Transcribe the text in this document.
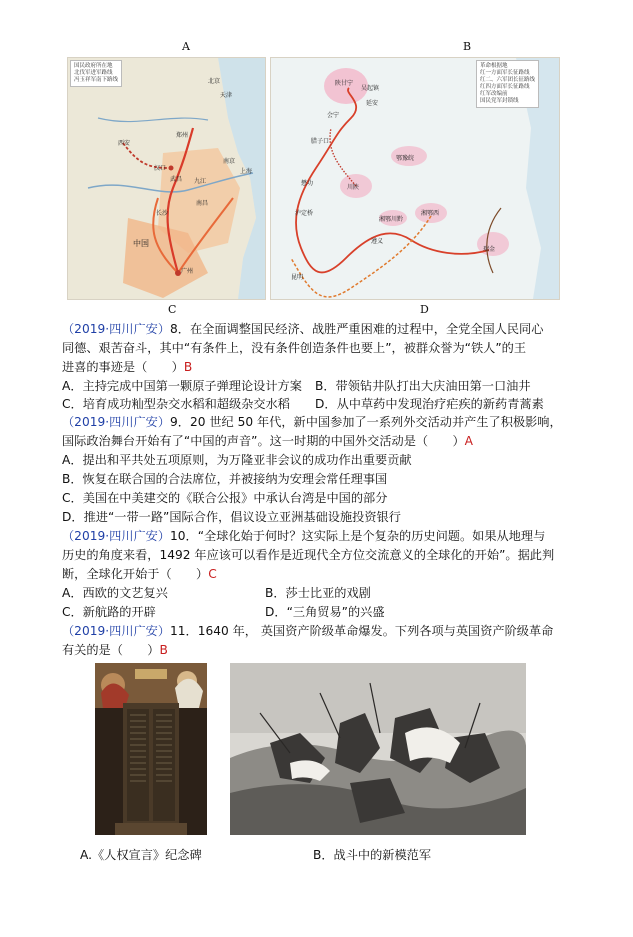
A	B
国民政府所在地
北伐军进军路线
冯玉祥军南下路线	北京
天津
西安
郑州
汉口
武昌 九江
南昌
长沙
广州
南京
上海
中国
革命根据地
红一方面军长征路线
红二、六军团长征路线
红四方面军长征路线
红军改编前
国民党军封锁线
陕甘宁
延安
吴起镇
会宁
腊子口
懋功
鄂豫皖
川陕
湘鄂西
湘鄂川黔
泸定桥
遵义
瑞金
昆明
C	D
（2019·四川广安）8．在全面调整国民经济、战胜严重困难的过程中，全党全国人民同心
同德、艰苦奋斗，其中“有条件上，没有条件创造条件也要上”，被群众誉为“铁人”的王
进喜的事迹是（　　）B
A．主持完成中国第一颗原子弹理论设计方案 B．带领钻井队打出大庆油田第一口油井
C．培育成功籼型杂交水稻和超级杂交水稻 D．从中草药中发现治疗疟疾的新药青蒿素
（2019·四川广安）9．20 世纪 50 年代，新中国参加了一系列外交活动并产生了积极影响，
国际政治舞台开始有了“中国的声音”。这一时期的中国外交活动是（　　）A
A．提出和平共处五项原则，为万隆亚非会议的成功作出重要贡献
B．恢复在联合国的合法席位，并被接纳为安理会常任理事国
C．美国在中美建交的《联合公报》中承认台湾是中国的部分
D．推进“一带一路”国际合作，倡议设立亚洲基础设施投资银行
（2019·四川广安）10．“全球化始于何时？这实际上是个复杂的历史问题。如果从地理与
历史的角度来看，1492 年应该可以看作是近现代全方位交流意义的全球化的开始”。据此判
断，全球化开始于（　　）C
A．西欧的文艺复兴	B．莎士比亚的戏剧
C．新航路的开辟	D．“三角贸易”的兴盛
（2019·四川广安）11．1640 年， 英国资产阶级革命爆发。下列各项与英国资产阶级革命
有关的是（　　）B
A.《人权宣言》纪念碑	B．战斗中的新模范军
